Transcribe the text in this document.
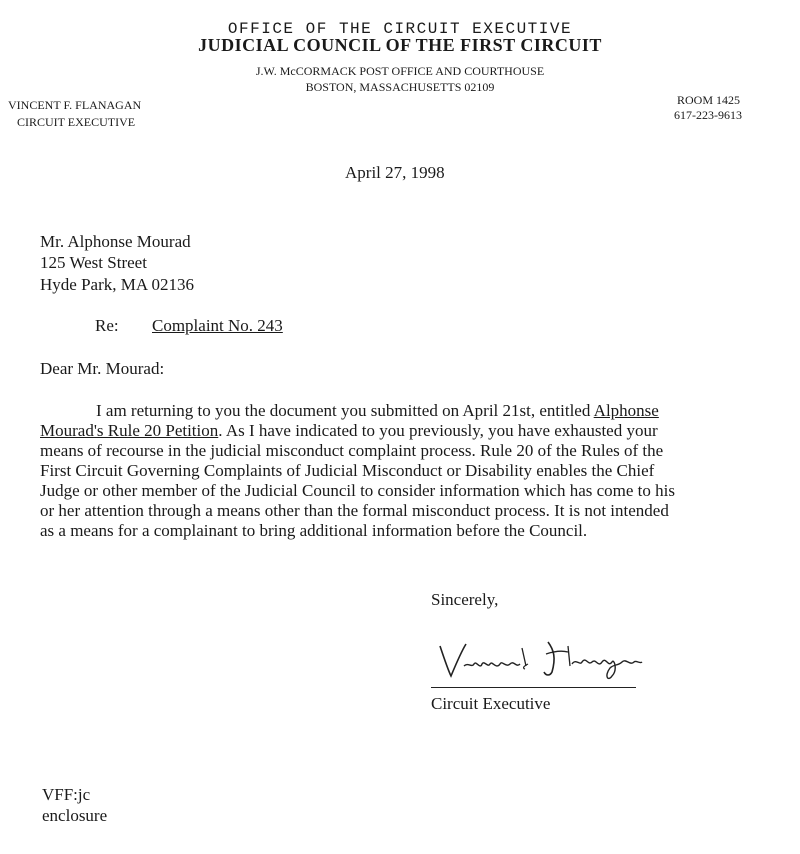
OFFICE OF THE CIRCUIT EXECUTIVE
JUDICIAL COUNCIL OF THE FIRST CIRCUIT
J.W. McCORMACK POST OFFICE AND COURTHOUSE
BOSTON, MASSACHUSETTS 02109
VINCENT F. FLANAGAN
CIRCUIT EXECUTIVE
ROOM 1425
617-223-9613
April 27, 1998
Mr. Alphonse Mourad
125 West Street
Hyde Park, MA 02136
Re: Complaint No. 243
Dear Mr. Mourad:
I am returning to you the document you submitted on April 21st, entitled Alphonse
Mourad's Rule 20 Petition. As I have indicated to you previously, you have exhausted your
means of recourse in the judicial misconduct complaint process. Rule 20 of the Rules of the
First Circuit Governing Complaints of Judicial Misconduct or Disability enables the Chief
Judge or other member of the Judicial Council to consider information which has come to his
or her attention through a means other than the formal misconduct process. It is not intended
as a means for a complainant to bring additional information before the Council.
Sincerely,
Circuit Executive
VFF:jc
enclosure
